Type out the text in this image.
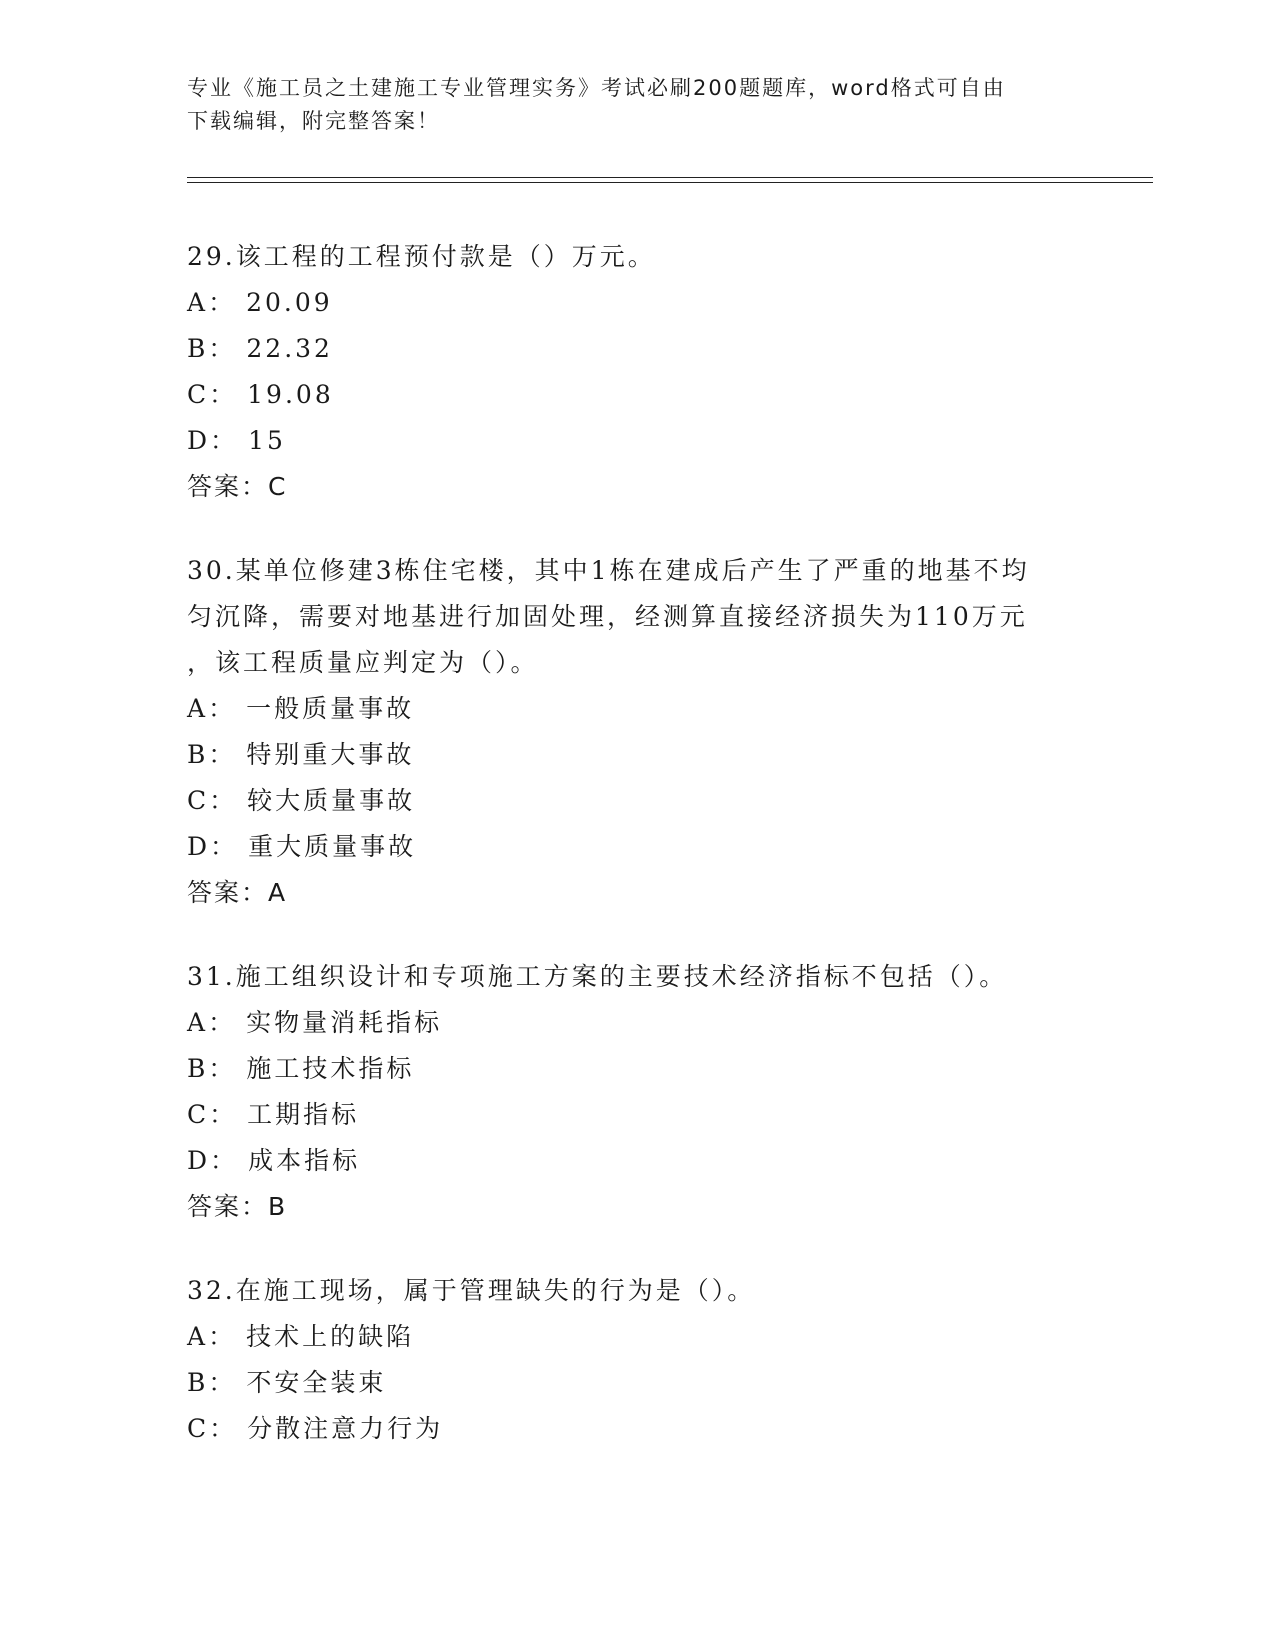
专业《施工员之土建施工专业管理实务》考试必刷200题题库，word格式可自由
下载编辑，附完整答案！

29.该工程的工程预付款是（）万元。

A： 20.09

B： 22.32

C： 19.08

D： 15

答案：C

30.某单位修建3栋住宅楼，其中1栋在建成后产生了严重的地基不均

匀沉降，需要对地基进行加固处理，经测算直接经济损失为110万元

，该工程质量应判定为（）。

A： 一般质量事故

B： 特别重大事故

C： 较大质量事故

D： 重大质量事故

答案：A

31.施工组织设计和专项施工方案的主要技术经济指标不包括（）。

A： 实物量消耗指标

B： 施工技术指标

C： 工期指标

D： 成本指标

答案：B

32.在施工现场，属于管理缺失的行为是（）。

A： 技术上的缺陷

B： 不安全装束

C： 分散注意力行为
